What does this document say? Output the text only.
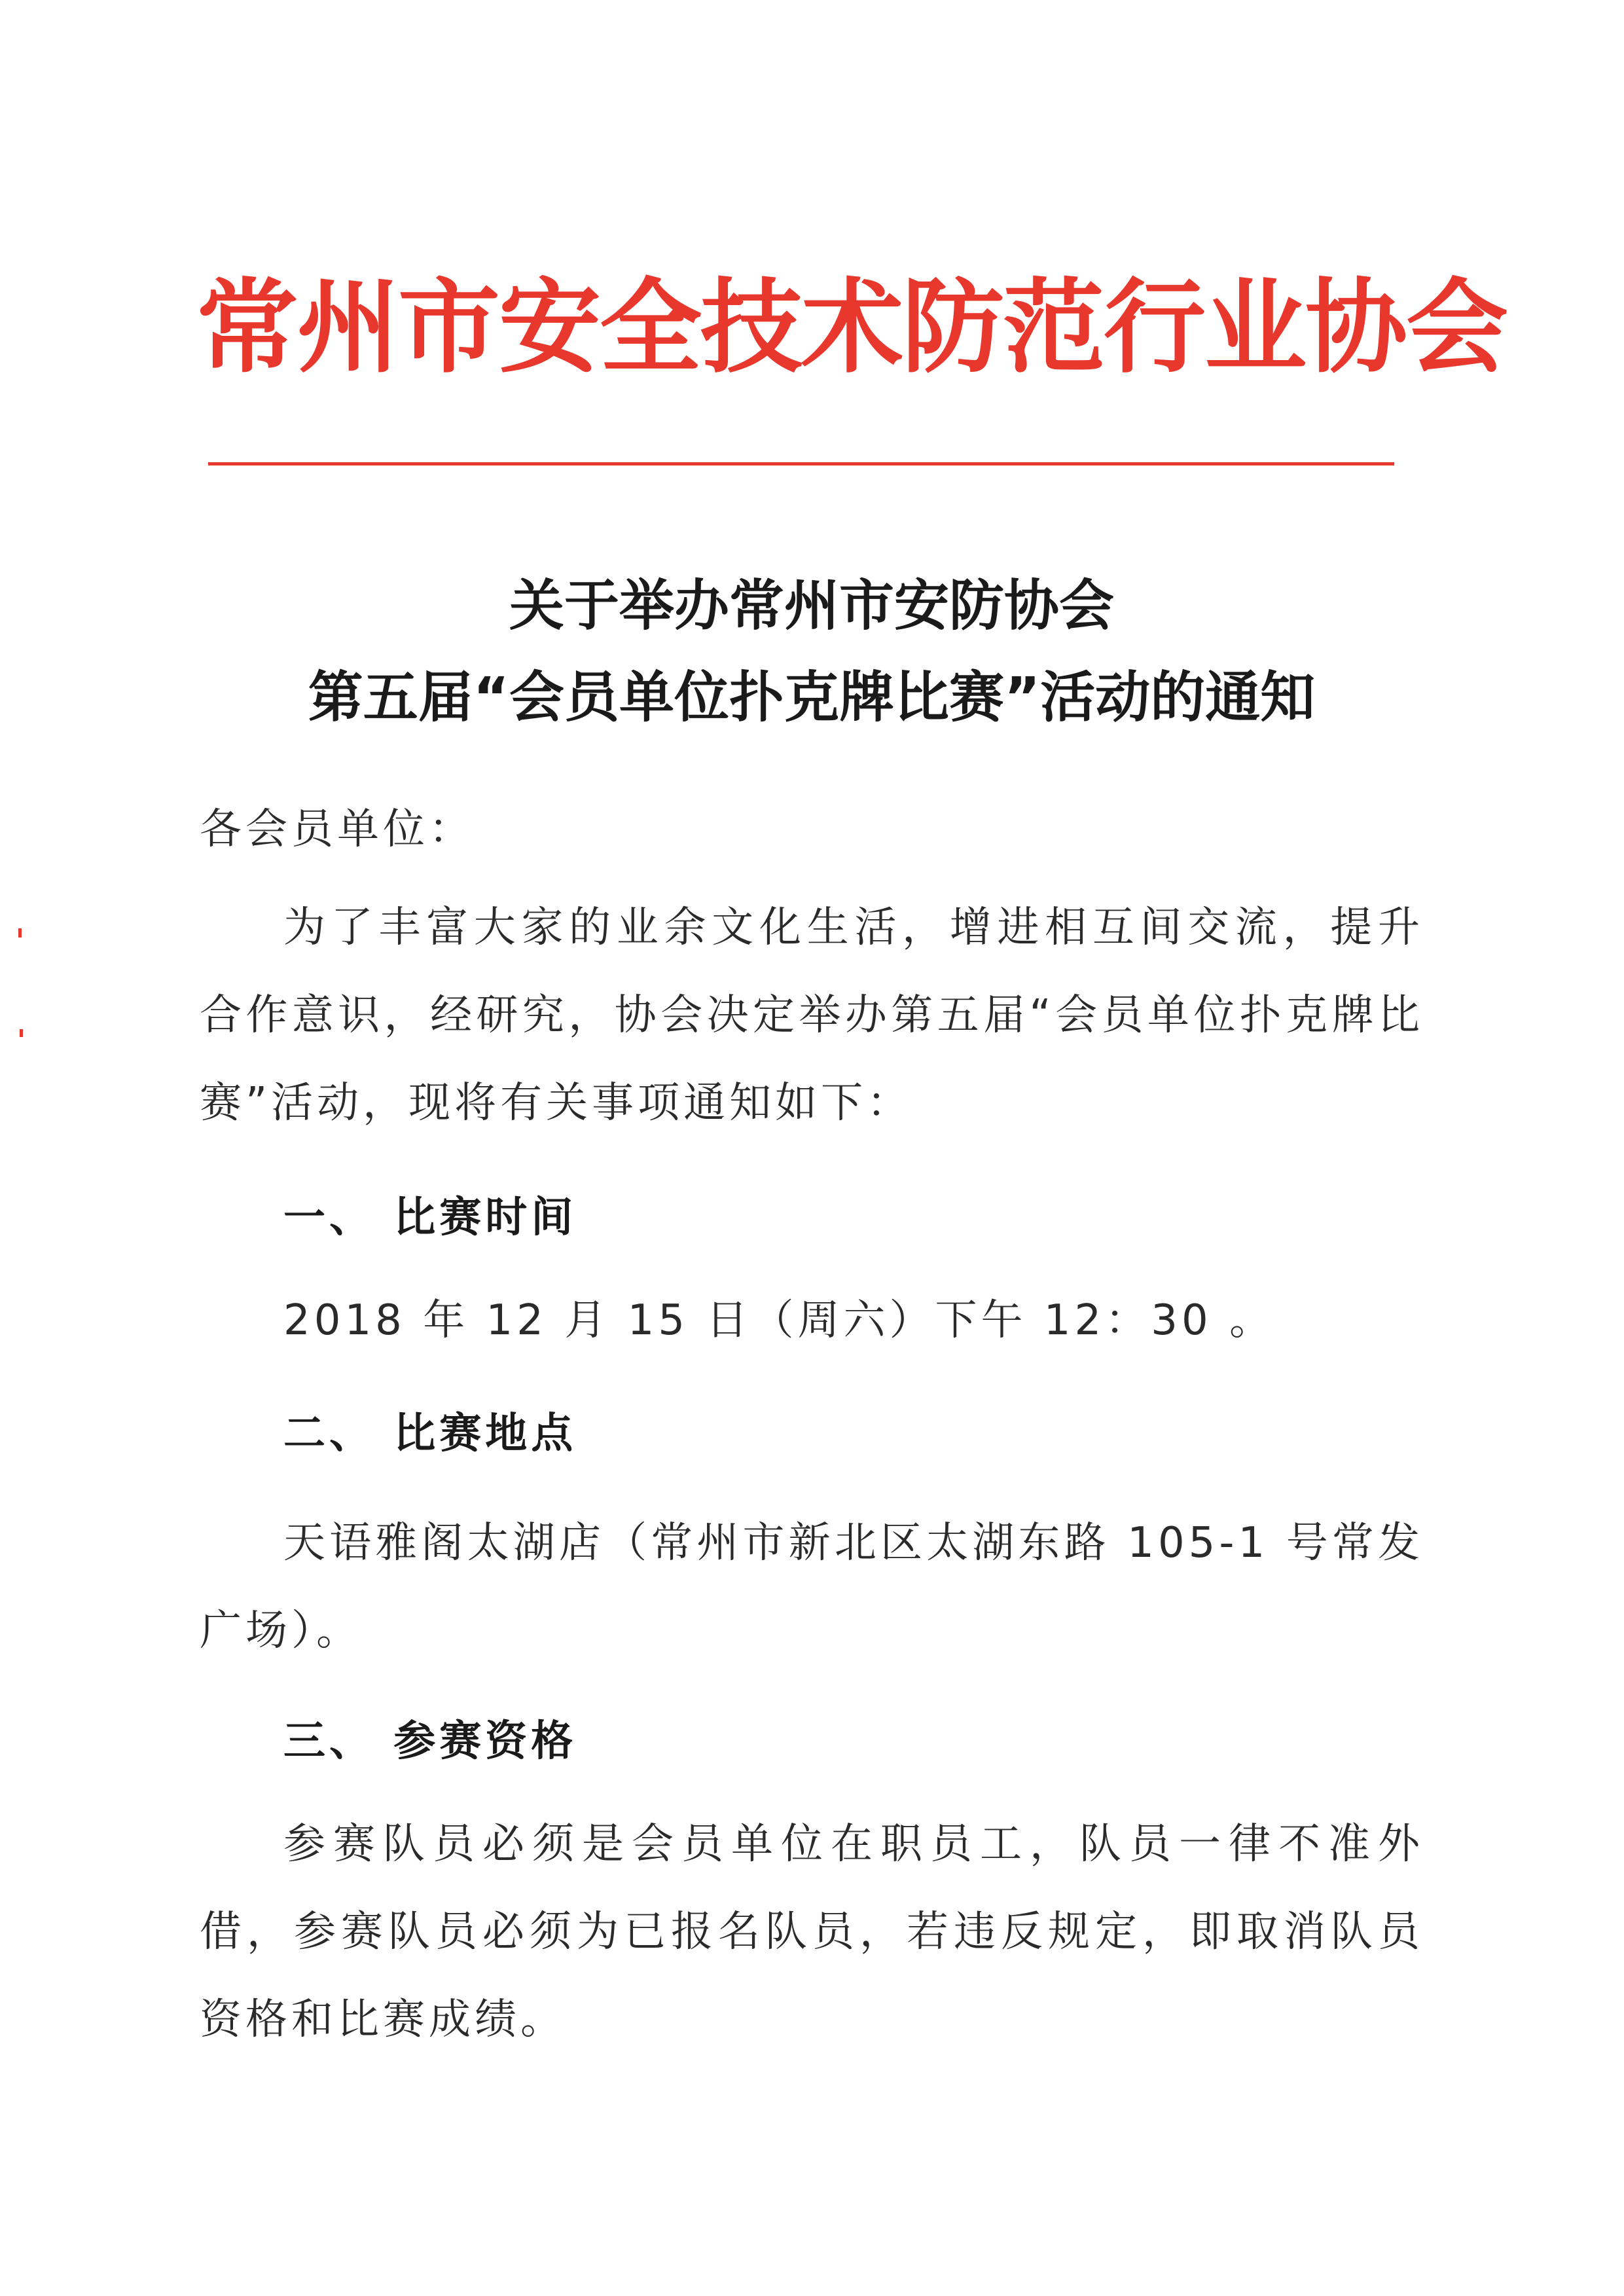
常州市安全技术防范行业协会
关于举办常州市安防协会
第五届“会员单位扑克牌比赛”活动的通知
各会员单位：
为了丰富大家的业余文化生活，增进相互间交流，提升合作意识，经研究，协会决定举办第五届“会员单位扑克牌比赛”活动，现将有关事项通知如下：
一、 比赛时间
2018 年 12 月 15 日（周六）下午 12：30 。
二、 比赛地点
天语雅阁太湖店（常州市新北区太湖东路 105-1 号常发广场）。
三、 参赛资格
参赛队员必须是会员单位在职员工，队员一律不准外借，参赛队员必须为已报名队员，若违反规定，即取消队员资格和比赛成绩。
